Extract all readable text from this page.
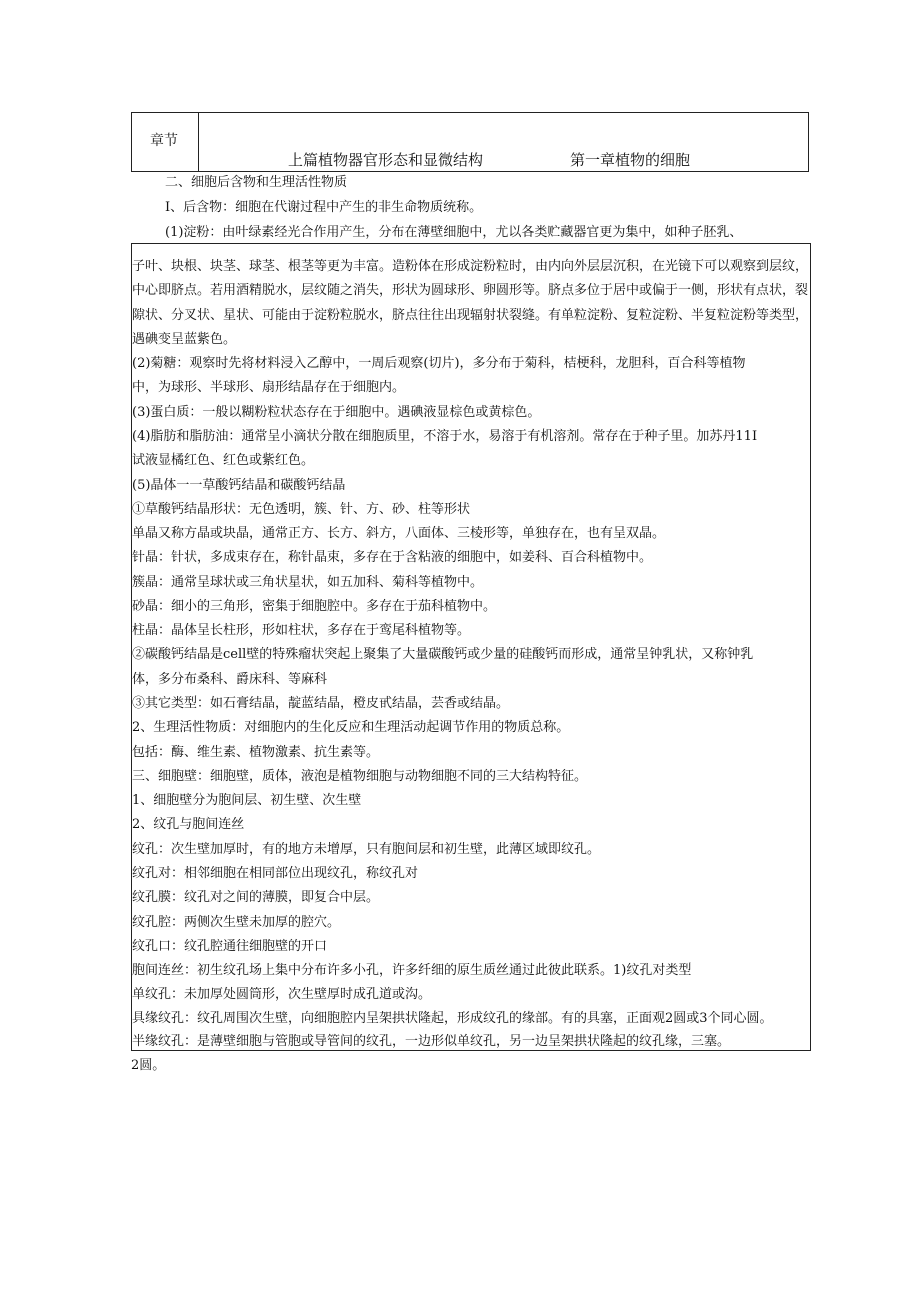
章节
上篇植物器官形态和显微结构	第一章植物的细胞
二、细胞后含物和生理活性物质
I、后含物：细胞在代谢过程中产生的非生命物质统称。
(1)淀粉：由叶绿素经光合作用产生，分布在薄壁细胞中，尤以各类贮藏器官更为集中，如种子胚乳、
子叶、块根、块茎、球茎、根茎等更为丰富。造粉体在形成淀粉粒时，由内向外层层沉积，在光镜下可以观察到层纹，
中心即脐点。若用酒精脱水，层纹随之消失，形状为圆球形、卵圆形等。脐点多位于居中或偏于一侧，形状有点状，裂
隙状、分叉状、星状、可能由于淀粉粒脱水，脐点往往出现辐射状裂缝。有单粒淀粉、复粒淀粉、半复粒淀粉等类型，
遇碘变呈蓝紫色。
(2)菊糖：观察时先将材料浸入乙醇中，一周后观察(切片)，多分布于菊科，桔梗科，龙胆科，百合科等植物
中，为球形、半球形、扇形结晶存在于细胞内。
(3)蛋白质：一般以糊粉粒状态存在于细胞中。遇碘液显棕色或黄棕色。
(4)脂肪和脂肪油：通常呈小滴状分散在细胞质里，不溶于水，易溶于有机溶剂。常存在于种子里。加苏丹11I
试液显橘红色、红色或紫红色。
(5)晶体一一草酸钙结晶和碳酸钙结晶
①草酸钙结晶形状：无色透明，簇、针、方、砂、柱等形状
单晶又称方晶或块晶，通常正方、长方、斜方，八面体、三棱形等，单独存在，也有呈双晶。
针晶：针状，多成束存在，称针晶束，多存在于含粘液的细胞中，如姜科、百合科植物中。
簇晶：通常呈球状或三角状星状，如五加科、菊科等植物中。
砂晶：细小的三角形，密集于细胞腔中。多存在于茄科植物中。
柱晶：晶体呈长柱形，形如柱状，多存在于鸾尾科植物等。
②碳酸钙结晶是cell壁的特殊瘤状突起上聚集了大量碳酸钙或少量的硅酸钙而形成，通常呈钟乳状，又称钟乳
体，多分布桑科、爵床科、等麻科
③其它类型：如石膏结晶，靛蓝结晶，橙皮甙结晶，芸香或结晶。
2、生理活性物质：对细胞内的生化反应和生理活动起调节作用的物质总称。
包括：酶、维生素、植物激素、抗生素等。
三、细胞壁：细胞壁，质体，液泡是植物细胞与动物细胞不同的三大结构特征。
1、细胞壁分为胞间层、初生壁、次生壁
2、纹孔与胞间连丝
纹孔：次生壁加厚时，有的地方未增厚，只有胞间层和初生壁，此薄区域即纹孔。
纹孔对：相邻细胞在相同部位出现纹孔，称纹孔对
纹孔膜：纹孔对之间的薄膜，即复合中层。
纹孔腔：两侧次生壁未加厚的腔穴。
纹孔口：纹孔腔通往细胞壁的开口
胞间连丝：初生纹孔场上集中分布许多小孔，许多纤细的原生质丝通过此彼此联系。1)纹孔对类型
单纹孔：未加厚处圆筒形，次生壁厚时成孔道或沟。
具缘纹孔：纹孔周围次生壁，向细胞腔内呈架拱状隆起，形成纹孔的缘部。有的具塞，正面观2圆或3个同心圆。
半缘纹孔：是薄壁细胞与管胞或导管间的纹孔，一边形似单纹孔，另一边呈架拱状隆起的纹孔缘，三塞。
2圆。
